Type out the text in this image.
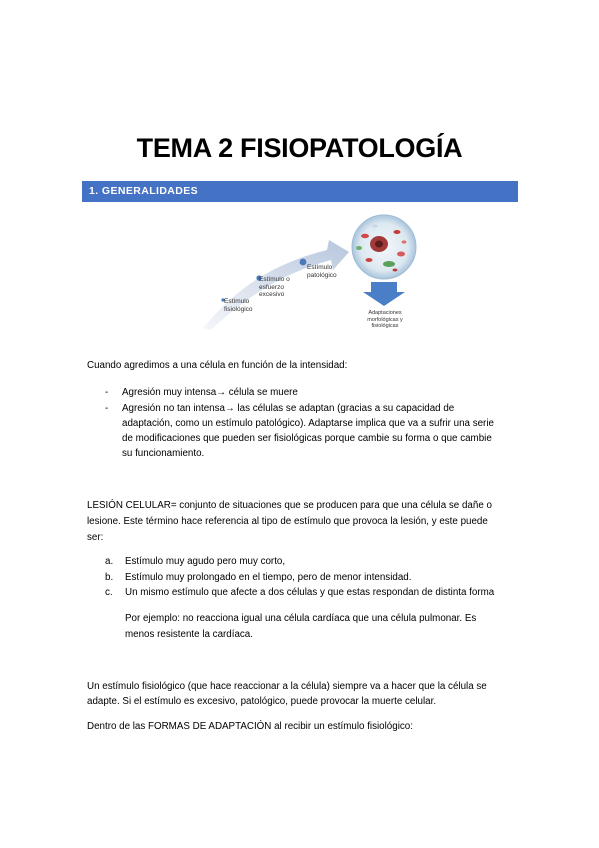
TEMA 2 FISIOPATOLOGÍA
1. GENERALIDADES
Estímulo fisiológico
Estímulo o esfuerzo excesivo
Estímulo patológico
Adaptaciones morfológicas y fisiológicas

Cuando agredimos a una célula en función de la intensidad:

- Agresión muy intensa→ célula se muere
- Agresión no tan intensa→ las células se adaptan (gracias a su capacidad de
adaptación, como un estímulo patológico). Adaptarse implica que va a sufrir una serie
de modificaciones que pueden ser fisiológicas porque cambie su forma o que cambie
su funcionamiento.

LESIÓN CELULAR= conjunto de situaciones que se producen para que una célula se dañe o

lesione. Este término hace referencia al tipo de estímulo que provoca la lesión, y este puede

ser:

a. Estímulo muy agudo pero muy corto,
b. Estímulo muy prolongado en el tiempo, pero de menor intensidad.
c. Un mismo estímulo que afecte a dos células y que estas respondan de distinta forma

Por ejemplo: no reacciona igual una célula cardíaca que una célula pulmonar. Es

menos resistente la cardíaca.

Un estímulo fisiológico (que hace reaccionar a la célula) siempre va a hacer que la célula se

adapte. Si el estímulo es excesivo, patológico, puede provocar la muerte celular.

Dentro de las FORMAS DE ADAPTACIÓN al recibir un estímulo fisiológico:
